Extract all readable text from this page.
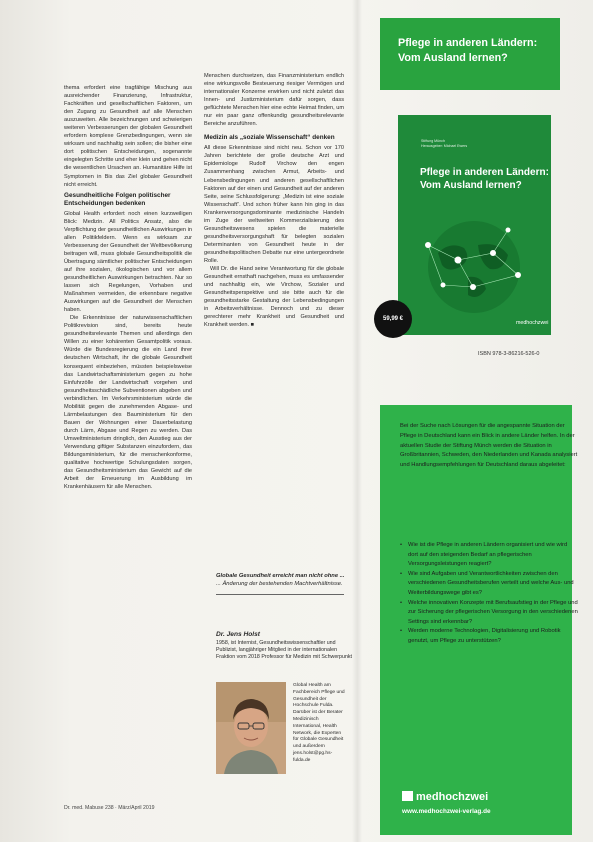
thema erfordert eine tragfähige Mischung aus ausreichender Finanzierung, Infrastruktur, Fachkräften und gesellschaftlichen Faktoren, um den Zugang zu Gesundheit auf alle Menschen auszuweiten. Alle bezeichnungen und schwierigen weiteren Verbesserungen der globalen Gesundheit erfordern komplexe Grenzbedingungen, wenn sie wirksam und nachhaltig sein sollen; die bisher eine dort politischen Entscheidungen, sogenannte eingelegten Schritte und eher klein und gehen nicht die wesentlichen Ursachen an. Humanitäre Hilfe ist Symptomen in Bis das Ziel globaler Gesundheit nicht erreicht.

Gesundheitliche Folgen politischer Entscheidungen bedenken

Global Health erfordert noch einen kurzweiligen Blick: Medizin. All Politics Ansatz, also die Verpflichtung der gesundheitlichen Auswirkungen in allen Politikfeldern. Wenn es wirksam zur Verbesserung der Gesundheit der Weltbevölkerung beitragen will, muss globale Gesundheitspolitik die Übertragung sämtlicher politischer Entscheidungen auf ihre sozialen, ökologischen und vor allem gesundheitlichen Auswirkungen betrachten. Nur so lassen sich Regelungen, Vorhaben und Maßnahmen vermeiden, die erkennbare negative Auswirkungen auf die Gesundheit der Menschen haben.

Die Erkenntnisse der naturwissenschaftlichen Politikrevision sind, bereits heute gesundheitsrelevante Themen und allerdings den Willen zu einer kohärenten Gesamtpolitik voraus. Würde die Bundesregierung die ein Land ihrer deutschen Wirtschaft, ihr die globale Gesundheit konsequent einbeziehen, müssten beispielsweise das Landwirtschaftsministerium gegen zu hohe Einfuhrzölle der Landwirtschaft vorgehen und gesundheitsschädliche Subventionen abgeben und verbindlichen. Im Verkehrsministerium würde die Mobilität gegen die zunehmenden Abgase- und Lärmbelastungen des Bauministerium für den Bauen der Wohnungen einer Dauerbelastung durch Lärm, Abgase und Regen zu werden. Das Umweltministerium dringlich, den Ausstieg aus der Verwendung giftiger Substanzen einzufordern, das Bildungsministerium, für die menschenkonforme, qualitative hochwertige Schulungsdaten sorgen, das Gesundheitsministerium das Gewicht auf die Arbeit der Erneuerung im Ausbildung im Krankenhäusern für alle Menschen.

Menschen durchsetzen, das Finanzministerium endlich eine wirkungsvolle Besteuerung riesiger Vermögen und internationaler Konzerne erwirken und nicht zuletzt das Innen- und Justizministerium dafür sorgen, dass geflüchtete Menschen hier eine echte Heimat finden, um nur ein paar ganz offenkundig gesundheitsrelevante Bereiche anzuführen.

Medizin als „soziale Wissenschaft“ denken

All diese Erkenntnisse sind nicht neu. Schon vor 170 Jahren berichtete der große deutsche Arzt und Epidemiologe Rudolf Virchow den engen Zusammenhang zwischen Armut, Arbeits- und Lebensbedingungen und anderen gesellschaftlichen Faktoren auf der einen und Gesundheit auf der anderen Seite, seine Schlussfolgerung: „Medizin ist eine soziale Wissenschaft“. Und schon früher kann hin ging in das Krankenversorgungsdominante medizinische Handeln im Zuge der weltweiten Kommerzialisierung des Gesundheitswesens spielen die materielle gesundheitsversorgungshaft für belegten sozialen Determinanten von Gesundheit heute in der gesundheitspolitischen Debatte nur eine untergeordnete Rolle.

Will Dr. die Hand seine Verantwortung für die globale Gesundheit ernsthaft nachgehen, muss es umfassender und nachhaltig ein, wie Virchow, Sozialer und Gesundheitsperspektive und sie bitte auch für die gesundheitsstarke Gestaltung der Lebensbedingungen in Arbeitsverhältnisse. Dennoch und zu dieser gerechterer mehr Krankheit und Gesundheit und Krankheit werden. ■

Globale Gesundheit erreicht man nicht ohne ...
... Änderung der bestehenden Machtverhältnisse.
Dr. Jens Holst
1958, ist Internist, Gesundheitswissenschaftler und Publizist, langjähriger Mitglied in der internationalen Fraktion vom 2018 Professor für Medizin mit Schwerpunkt
Global Health am Fachbereich Pflege und Gesundheit der Hochschule Fulda. Darüber ist der Berater Medizinisch International, Health Network, die Experten für Globale Gesundheit und außerdem jens.holst@pg.hs-fulda.de
Dr. med. Mabuse 238 · März/April 2019
Pflege in anderen Ländern:
Vom Ausland lernen?
Stiftung Münch
Herausgeber: Michael Ewers
Pflege in anderen Ländern:
Vom Ausland lernen?
medhochzwei
59,99 €
ISBN 978-3-86216-526-0
Bei der Suche nach Lösungen für die angespannte Situation der Pflege in Deutschland kann ein Blick in andere Länder helfen. In der aktuellen Studie der Stiftung Münch werden die Situation in Großbritannien, Schweden, den Niederlanden und Kanada analysiert und Handlungsempfehlungen für Deutschland daraus abgeleitet:
• Wie ist die Pflege in anderen Ländern organisiert und wie wird dort auf den steigenden Bedarf an pflegerischen Versorgungsleistungen reagiert?
• Wie sind Aufgaben und Verantwortlichkeiten zwischen den verschiedenen Gesundheitsberufen verteilt und welche Aus- und Weiterbildungswege gibt es?
• Welche innovativen Konzepte mit Berufsaufstieg in der Pflege und zur Sicherung der pflegerischen Versorgung in den verschiedenen Settings sind erkennbar?
• Werden moderne Technologien, Digitalisierung und Robotik genutzt, um Pflege zu unterstützen?
medhochzwei
www.medhochzwei-verlag.de
